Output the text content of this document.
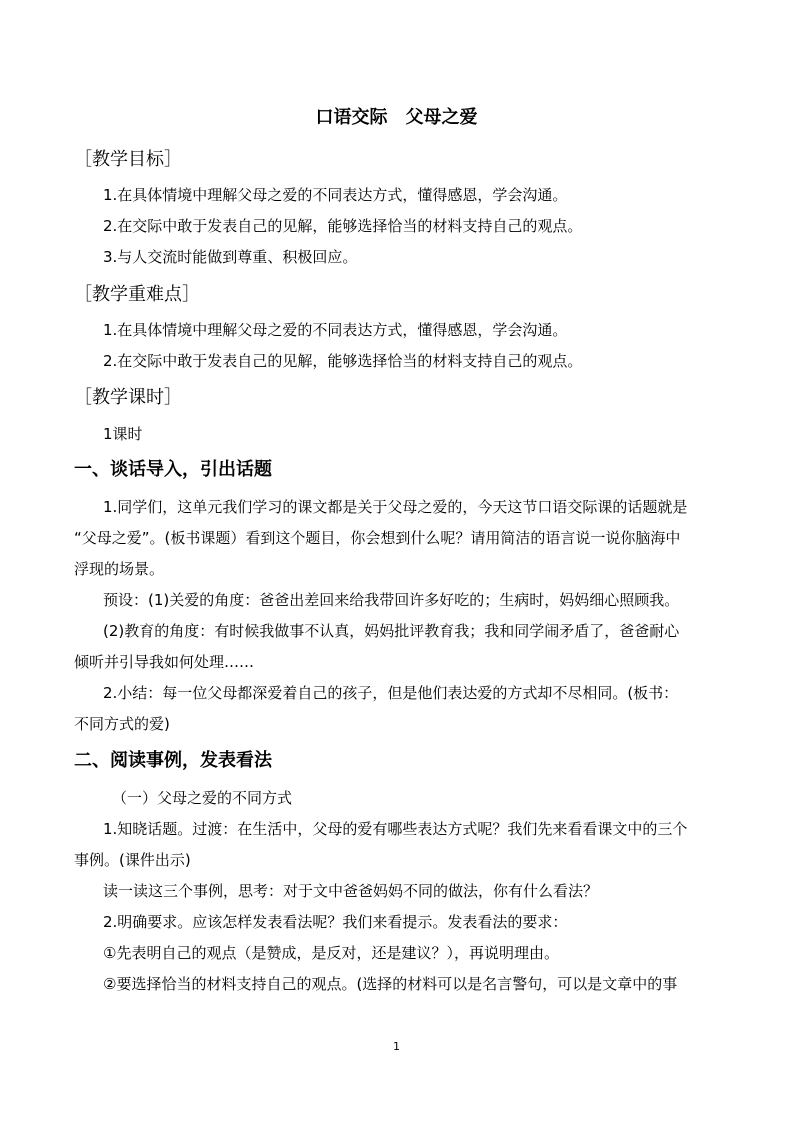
口语交际　父母之爱
［教学目标］
1.在具体情境中理解父母之爱的不同表达方式，懂得感恩，学会沟通。
2.在交际中敢于发表自己的见解，能够选择恰当的材料支持自己的观点。
3.与人交流时能做到尊重、积极回应。
［教学重难点］
1.在具体情境中理解父母之爱的不同表达方式，懂得感恩，学会沟通。
2.在交际中敢于发表自己的见解，能够选择恰当的材料支持自己的观点。
［教学课时］
1课时
一、谈话导入，引出话题
1.同学们，这单元我们学习的课文都是关于父母之爱的，今天这节口语交际课的话题就是
“父母之爱”。(板书课题）看到这个题目，你会想到什么呢？请用简洁的语言说一说你脑海中
浮现的场景。
预设：(1)关爱的角度：爸爸出差回来给我带回许多好吃的；生病时，妈妈细心照顾我。
(2)教育的角度：有时候我做事不认真，妈妈批评教育我；我和同学闹矛盾了，爸爸耐心
倾听并引导我如何处理……
2.小结：每一位父母都深爱着自己的孩子，但是他们表达爱的方式却不尽相同。(板书：
不同方式的爱)
二、阅读事例，发表看法
（一）父母之爱的不同方式
1.知晓话题。过渡：在生活中，父母的爱有哪些表达方式呢？我们先来看看课文中的三个
事例。(课件出示)
读一读这三个事例，思考：对于文中爸爸妈妈不同的做法，你有什么看法？
2.明确要求。应该怎样发表看法呢？我们来看提示。发表看法的要求：
①先表明自己的观点（是赞成，是反对，还是建议？），再说明理由。
②要选择恰当的材料支持自己的观点。(选择的材料可以是名言警句，可以是文章中的事
1
